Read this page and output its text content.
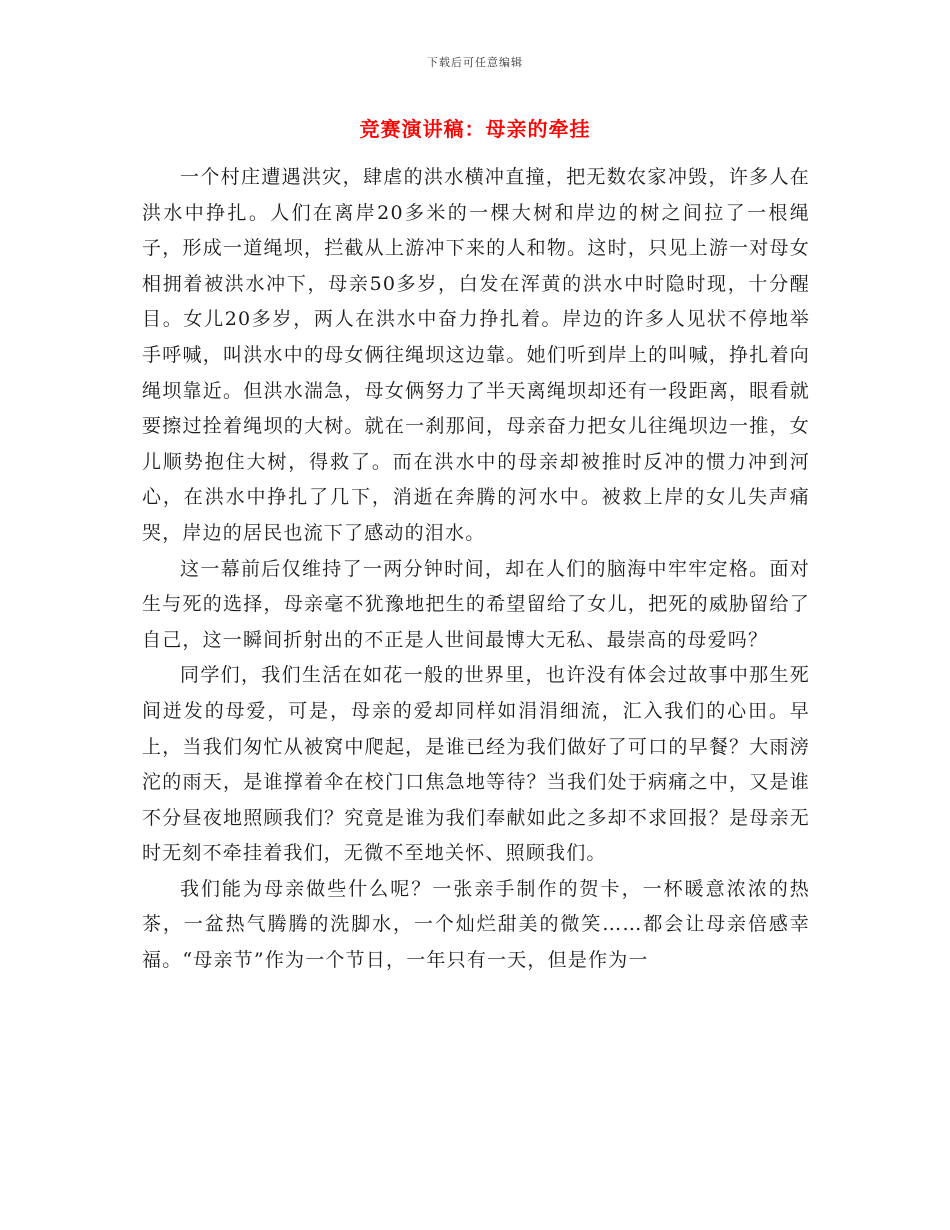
下载后可任意编辑
竞赛演讲稿：母亲的牵挂

一个村庄遭遇洪灾，肆虐的洪水横冲直撞，把无数农家冲毁，许多人在洪水中挣扎。人们在离岸20多米的一棵大树和岸边的树之间拉了一根绳子，形成一道绳坝，拦截从上游冲下来的人和物。这时，只见上游一对母女相拥着被洪水冲下，母亲50多岁，白发在浑黄的洪水中时隐时现，十分醒目。女儿20多岁，两人在洪水中奋力挣扎着。岸边的许多人见状不停地举手呼喊，叫洪水中的母女俩往绳坝这边靠。她们听到岸上的叫喊，挣扎着向绳坝靠近。但洪水湍急，母女俩努力了半天离绳坝却还有一段距离，眼看就要擦过拴着绳坝的大树。就在一刹那间，母亲奋力把女儿往绳坝边一推，女儿顺势抱住大树，得救了。而在洪水中的母亲却被推时反冲的惯力冲到河心，在洪水中挣扎了几下，消逝在奔腾的河水中。被救上岸的女儿失声痛哭，岸边的居民也流下了感动的泪水。

这一幕前后仅维持了一两分钟时间，却在人们的脑海中牢牢定格。面对生与死的选择，母亲毫不犹豫地把生的希望留给了女儿，把死的威胁留给了自己，这一瞬间折射出的不正是人世间最博大无私、最崇高的母爱吗？

同学们，我们生活在如花一般的世界里，也许没有体会过故事中那生死间迸发的母爱，可是，母亲的爱却同样如涓涓细流，汇入我们的心田。早上，当我们匆忙从被窝中爬起，是谁已经为我们做好了可口的早餐？大雨滂沱的雨天，是谁撑着伞在校门口焦急地等待？当我们处于病痛之中，又是谁不分昼夜地照顾我们？究竟是谁为我们奉献如此之多却不求回报？是母亲无时无刻不牵挂着我们，无微不至地关怀、照顾我们。

我们能为母亲做些什么呢？一张亲手制作的贺卡，一杯暖意浓浓的热茶，一盆热气腾腾的洗脚水，一个灿烂甜美的微笑……都会让母亲倍感幸福。“母亲节”作为一个节日，一年只有一天，但是作为一
